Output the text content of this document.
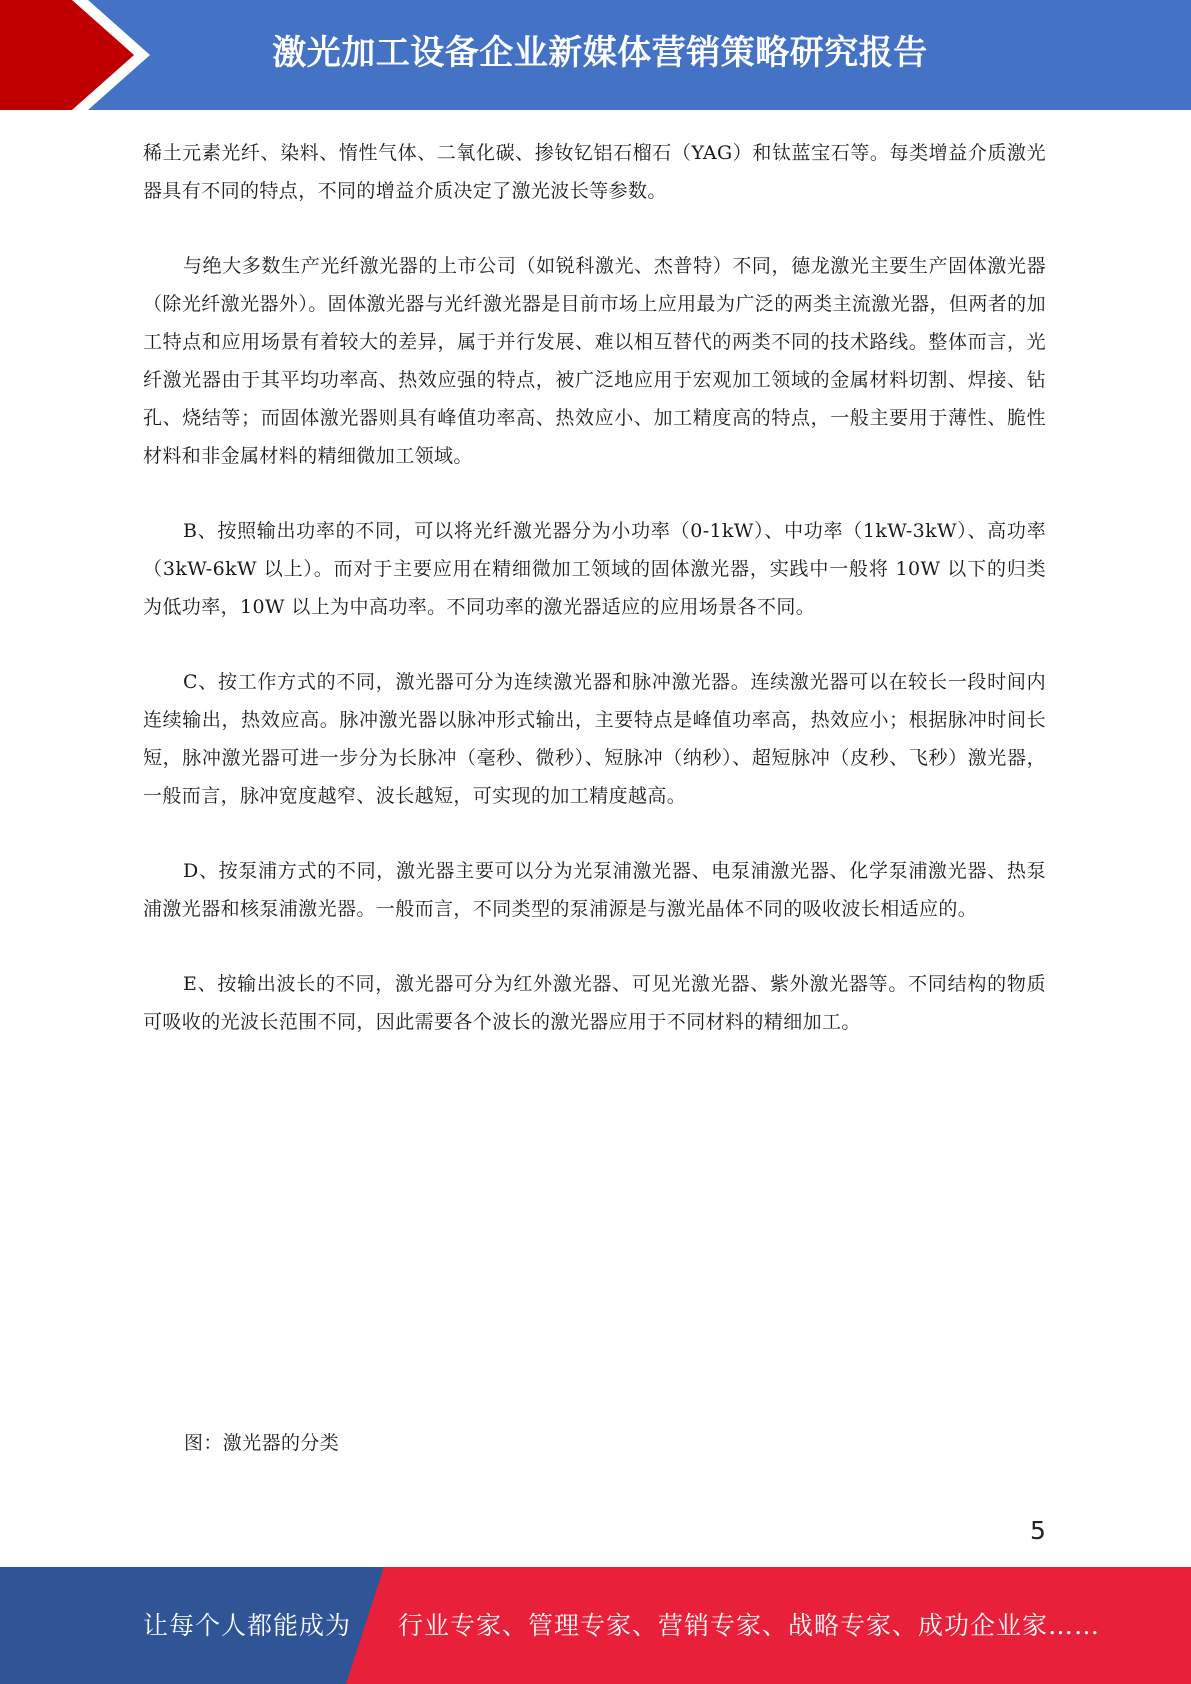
激光加工设备企业新媒体营销策略研究报告

稀土元素光纤、染料、惰性气体、二氧化碳、掺钕钇铝石榴石（YAG）和钛蓝宝石等。每类增益介质激光器具有不同的特点，不同的增益介质决定了激光波长等参数。

与绝大多数生产光纤激光器的上市公司（如锐科激光、杰普特）不同，德龙激光主要生产固体激光器（除光纤激光器外）。固体激光器与光纤激光器是目前市场上应用最为广泛的两类主流激光器，但两者的加工特点和应用场景有着较大的差异，属于并行发展、难以相互替代的两类不同的技术路线。整体而言，光纤激光器由于其平均功率高、热效应强的特点，被广泛地应用于宏观加工领域的金属材料切割、焊接、钻孔、烧结等；而固体激光器则具有峰值功率高、热效应小、加工精度高的特点，一般主要用于薄性、脆性材料和非金属材料的精细微加工领域。

B、按照输出功率的不同，可以将光纤激光器分为小功率（0-1kW）、中功率（1kW-3kW）、高功率（3kW-6kW 以上）。而对于主要应用在精细微加工领域的固体激光器，实践中一般将 10W 以下的归类为低功率，10W 以上为中高功率。不同功率的激光器适应的应用场景各不同。

C、按工作方式的不同，激光器可分为连续激光器和脉冲激光器。连续激光器可以在较长一段时间内连续输出，热效应高。脉冲激光器以脉冲形式输出，主要特点是峰值功率高，热效应小；根据脉冲时间长短，脉冲激光器可进一步分为长脉冲（毫秒、微秒）、短脉冲（纳秒）、超短脉冲（皮秒、飞秒）激光器，一般而言，脉冲宽度越窄、波长越短，可实现的加工精度越高。

D、按泵浦方式的不同，激光器主要可以分为光泵浦激光器、电泵浦激光器、化学泵浦激光器、热泵浦激光器和核泵浦激光器。一般而言，不同类型的泵浦源是与激光晶体不同的吸收波长相适应的。

E、按输出波长的不同，激光器可分为红外激光器、可见光激光器、紫外激光器等。不同结构的物质可吸收的光波长范围不同，因此需要各个波长的激光器应用于不同材料的精细加工。

图：激光器的分类
5
让每个人都能成为 行业专家、管理专家、营销专家、战略专家、成功企业家……
